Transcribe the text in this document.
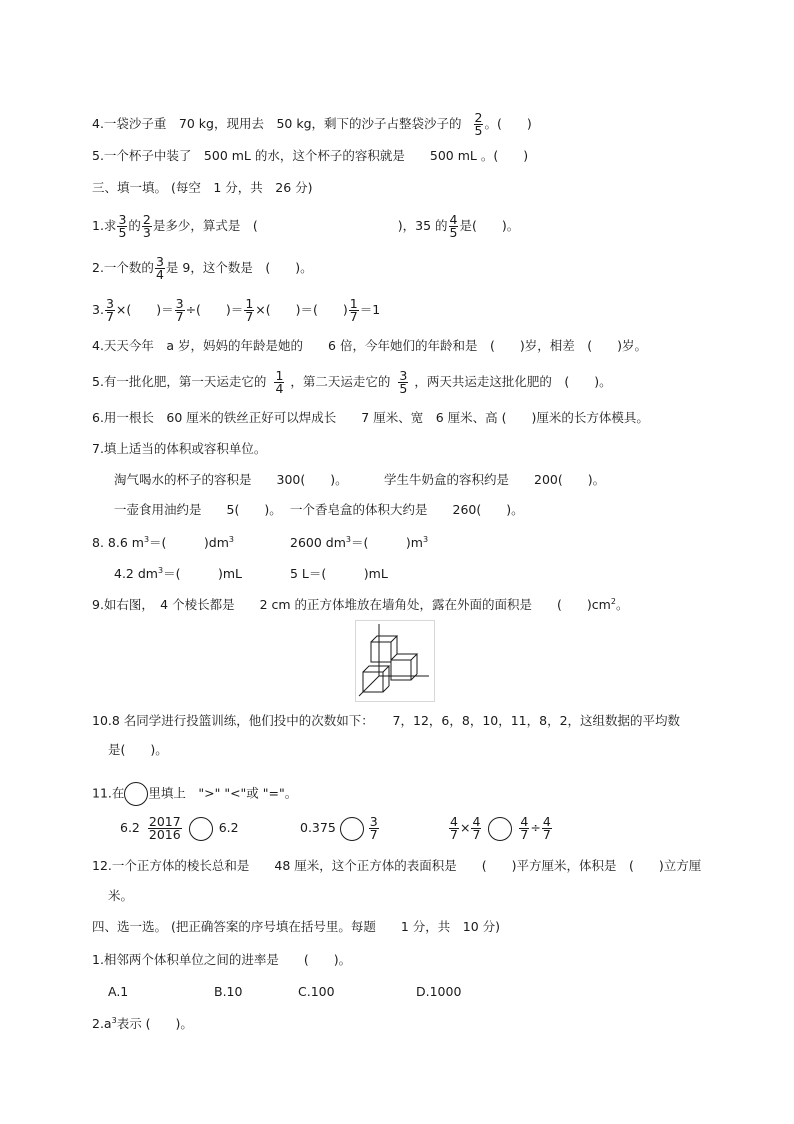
4.一袋沙子重　70 kg，现用去　50 kg，剩下的沙子占整袋沙子的 $\frac{2}{5}$ 。(　　)
5.一个杯子中装了　500 mL 的水，这个杯子的容积就是　　500 mL 。(　　)
三、填一填。 (每空　1 分，共　26 分)
1.求 $\frac{3}{5}$ 的 $\frac{2}{3}$ 是多少，算式是　(	)，35 的 $\frac{4}{5}$ 是(　　)。
2.一个数的 $\frac{3}{4}$ 是 9，这个数是　(　　)。
3. $\frac{3}{7}$ ×(　　)＝ $\frac{3}{7}$ ÷(　　)＝ $\frac{1}{7}$ ×(　　)＝(　　) $\frac{1}{7} =1$
4.天天今年　a 岁，妈妈的年龄是她的　　6 倍，今年她们的年龄和是　(　　)岁，相差　(　　)岁。
5.有一批化肥，第一天运走它的 $\frac{1}{4}$ ，第二天运走它的 $\frac{3}{5}$ ，两天共运走这批化肥的　(　　)。
6.用一根长　60 厘米的铁丝正好可以焊成长　　7 厘米、宽　6 厘米、高 (　　)厘米的长方体模具。
7.填上适当的体积或容积单位。
淘气喝水的杯子的容积是　　300(　　)。	学生牛奶盒的容积约是　　200(　　)。
一壶食用油约是　　5(　　)。 一个香皂盒的体积大约是　　260(　　)。
8. 8.6 $m^3=$(　　　)$dm^3$	2600 $dm^3=$(　　　)$m^3$
4.2 $dm^3=$(　　　)mL	5 L＝(　　　)mL
9.如右图，　4 个棱长都是　　2 cm 的正方体堆放在墙角处，露在外面的面积是　　(　　)$cm^2$。
10.8 名同学进行投篮训练，他们投中的次数如下：　　7，12，6，8，10，11，8，2，这组数据的平均数
是(　　)。
11.在 里填上　">" "<"或 "="。
$6.2 \frac{2017}{2016}$	6.2	0.375	$\frac{3}{7}$	$\frac{4}{7} \times \frac{4}{7}$	$\frac{4}{7} \div \frac{4}{7}$
12.一个正方体的棱长总和是　　48 厘米，这个正方体的表面积是　　(　　)平方厘米，体积是　(　　)立方厘
米。
四、选一选。 (把正确答案的序号填在括号里。每题　　1 分，共　10 分)
1.相邻两个体积单位之间的进率是　　(　　)。
A.1	B.10	C.100	D.1000
$2.a^3$表示 (　　)。
